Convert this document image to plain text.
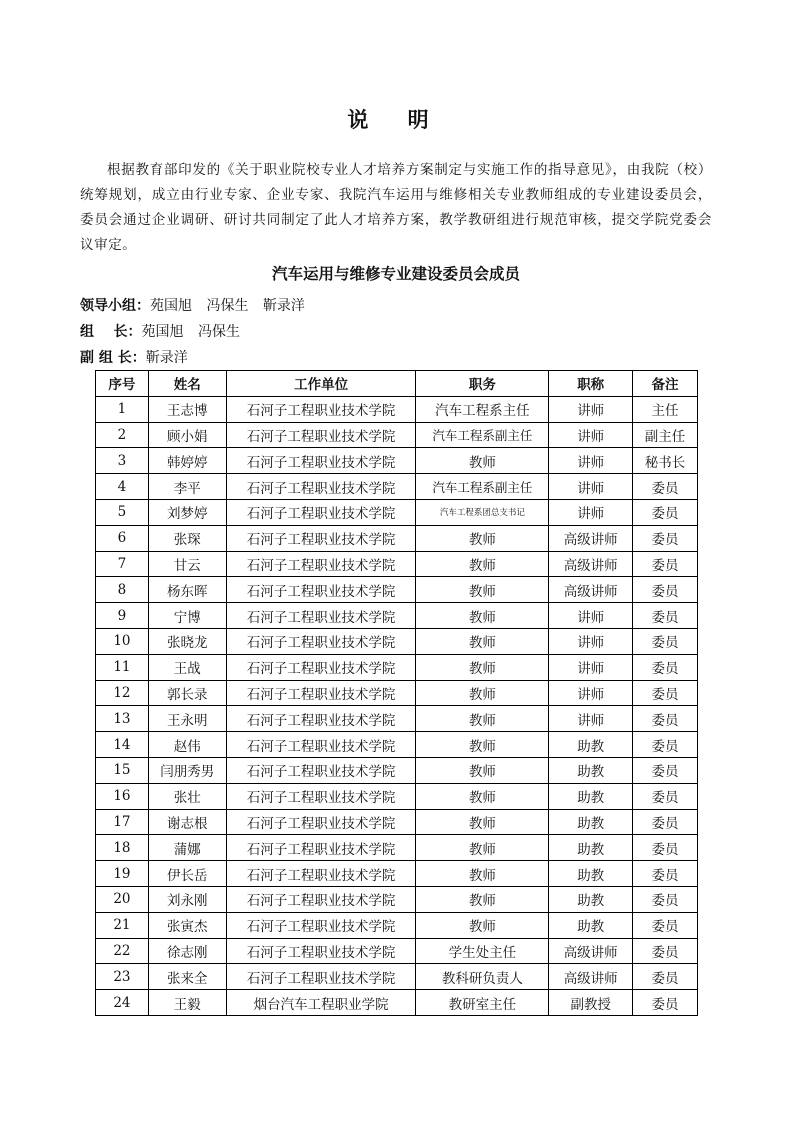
说 明
根据教育部印发的《关于职业院校专业人才培养方案制定与实施工作的指导意见》，由我院（校）统筹规划，成立由行业专家、企业专家、我院汽车运用与维修相关专业教师组成的专业建设委员会，委员会通过企业调研、研讨共同制定了此人才培养方案，教学教研组进行规范审核，提交学院党委会议审定。
汽车运用与维修专业建设委员会成员
领导小组：苑国旭 冯保生 靳录洋
组    长：苑国旭 冯保生
副 组 长：靳录洋
序号	姓名	工作单位	职务	职称	备注
1	王志博	石河子工程职业技术学院	汽车工程系主任	讲师	主任
2	顾小娟	石河子工程职业技术学院	汽车工程系副主任	讲师	副主任
3	韩婷婷	石河子工程职业技术学院	教师	讲师	秘书长
4	李平	石河子工程职业技术学院	汽车工程系副主任	讲师	委员
5	刘梦婷	石河子工程职业技术学院	汽车工程系团总支书记	讲师	委员
6	张琛	石河子工程职业技术学院	教师	高级讲师	委员
7	甘云	石河子工程职业技术学院	教师	高级讲师	委员
8	杨东晖	石河子工程职业技术学院	教师	高级讲师	委员
9	宁博	石河子工程职业技术学院	教师	讲师	委员
10	张晓龙	石河子工程职业技术学院	教师	讲师	委员
11	王战	石河子工程职业技术学院	教师	讲师	委员
12	郭长录	石河子工程职业技术学院	教师	讲师	委员
13	王永明	石河子工程职业技术学院	教师	讲师	委员
14	赵伟	石河子工程职业技术学院	教师	助教	委员
15	闫朋秀男	石河子工程职业技术学院	教师	助教	委员
16	张壮	石河子工程职业技术学院	教师	助教	委员
17	谢志根	石河子工程职业技术学院	教师	助教	委员
18	蒲娜	石河子工程职业技术学院	教师	助教	委员
19	伊长岳	石河子工程职业技术学院	教师	助教	委员
20	刘永刚	石河子工程职业技术学院	教师	助教	委员
21	张寅杰	石河子工程职业技术学院	教师	助教	委员
22	徐志刚	石河子工程职业技术学院	学生处主任	高级讲师	委员
23	张来全	石河子工程职业技术学院	教科研负责人	高级讲师	委员
24	王毅	烟台汽车工程职业学院	教研室主任	副教授	委员
